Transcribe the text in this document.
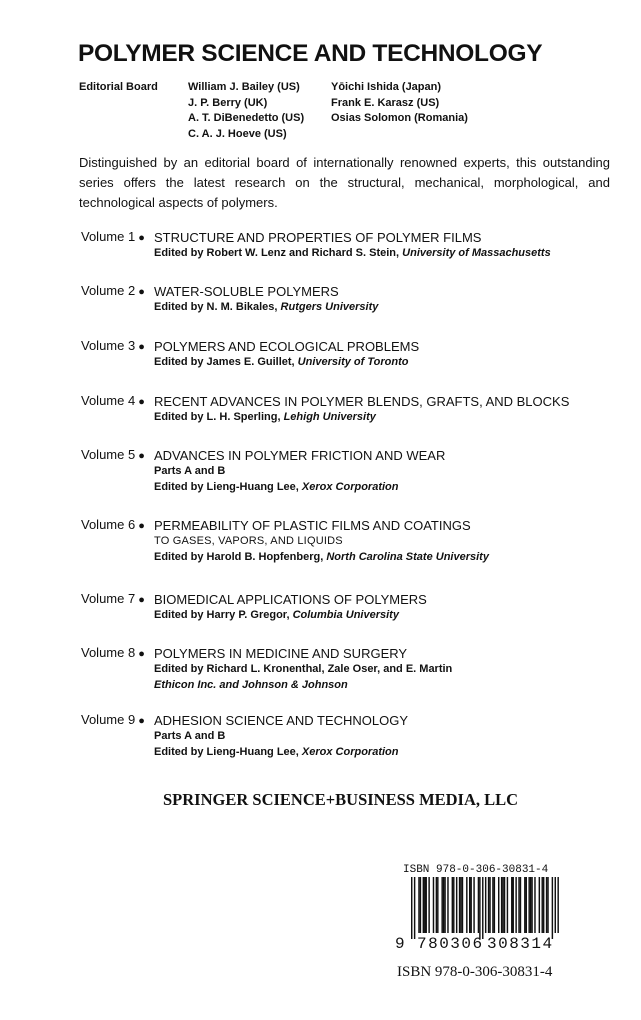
POLYMER SCIENCE AND TECHNOLOGY
Editorial Board	William J. Bailey (US)
J. P. Berry (UK)
A. T. DiBenedetto (US)
C. A. J. Hoeve (US)
Yōichi Ishida (Japan)
Frank E. Karasz (US)
Osias Solomon (Romania)
Distinguished by an editorial board of internationally renowned experts, this outstanding series offers the latest research on the structural, mechanical, morphological, and technological aspects of polymers.
Volume 1 ● STRUCTURE AND PROPERTIES OF POLYMER FILMS
Edited by Robert W. Lenz and Richard S. Stein, University of Massachusetts
Volume 2 ● WATER-SOLUBLE POLYMERS
Edited by N. M. Bikales, Rutgers University
Volume 3 ● POLYMERS AND ECOLOGICAL PROBLEMS
Edited by James E. Guillet, University of Toronto
Volume 4 ● RECENT ADVANCES IN POLYMER BLENDS, GRAFTS, AND BLOCKS
Edited by L. H. Sperling, Lehigh University
Volume 5 ● ADVANCES IN POLYMER FRICTION AND WEAR
Parts A and B
Edited by Lieng-Huang Lee, Xerox Corporation
Volume 6 ● PERMEABILITY OF PLASTIC FILMS AND COATINGS
TO GASES, VAPORS, AND LIQUIDS
Edited by Harold B. Hopfenberg, North Carolina State University
Volume 7 ● BIOMEDICAL APPLICATIONS OF POLYMERS
Edited by Harry P. Gregor, Columbia University
Volume 8 ● POLYMERS IN MEDICINE AND SURGERY
Edited by Richard L. Kronenthal, Zale Oser, and E. Martin
Ethicon Inc. and Johnson & Johnson
Volume 9 ● ADHESION SCIENCE AND TECHNOLOGY
Parts A and B
Edited by Lieng-Huang Lee, Xerox Corporation
SPRINGER SCIENCE+BUSINESS MEDIA, LLC
ISBN 978-0-306-30831-4
9 780306 308314
ISBN 978-0-306-30831-4
